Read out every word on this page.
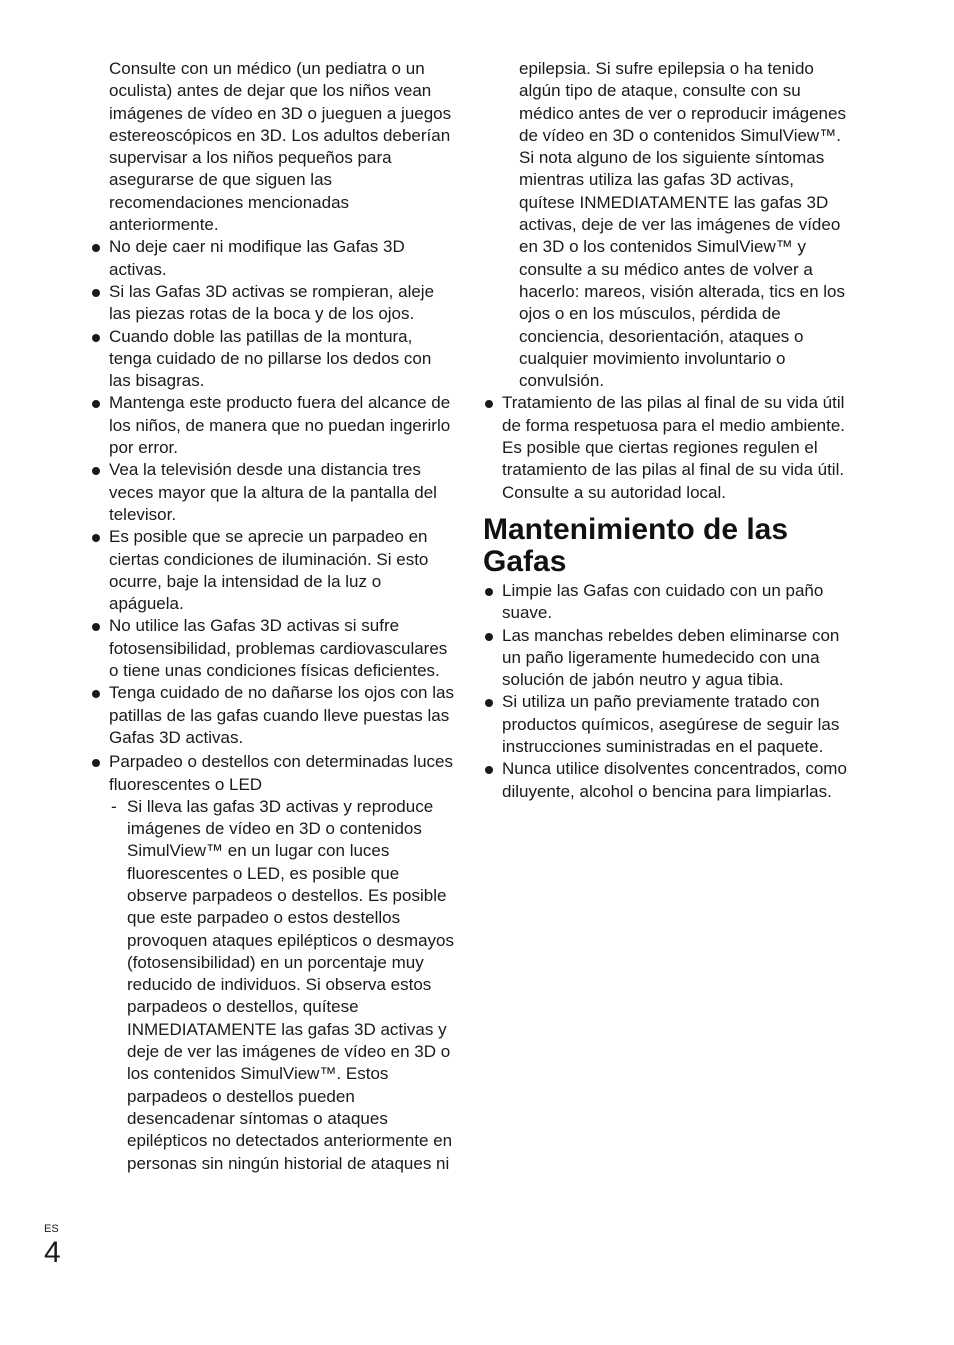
Consulte con un médico (un pediatra o un oculista) antes de dejar que los niños vean imágenes de vídeo en 3D o jueguen a juegos estereoscópicos en 3D. Los adultos deberían supervisar a los niños pequeños para asegurarse de que siguen las recomendaciones mencionadas anteriormente.

No deje caer ni modifique las Gafas 3D activas.
Si las Gafas 3D activas se rompieran, aleje las piezas rotas de la boca y de los ojos.
Cuando doble las patillas de la montura, tenga cuidado de no pillarse los dedos con las bisagras.
Mantenga este producto fuera del alcance de los niños, de manera que no puedan ingerirlo por error.
Vea la televisión desde una distancia tres veces mayor que la altura de la pantalla del televisor.
Es posible que se aprecie un parpadeo en ciertas condiciones de iluminación. Si esto ocurre, baje la intensidad de la luz o apáguela.
No utilice las Gafas 3D activas si sufre fotosensibilidad, problemas cardiovasculares o tiene unas condiciones físicas deficientes.
Tenga cuidado de no dañarse los ojos con las patillas de las gafas cuando lleve puestas las Gafas 3D activas.
Parpadeo o destellos con determinadas luces fluorescentes o LED
- Si lleva las gafas 3D activas y reproduce imágenes de vídeo en 3D o contenidos SimulView™ en un lugar con luces fluorescentes o LED, es posible que observe parpadeos o destellos. Es posible que este parpadeo o estos destellos provoquen ataques epilépticos o desmayos (fotosensibilidad) en un porcentaje muy reducido de individuos. Si observa estos parpadeos o destellos, quítese INMEDIATAMENTE las gafas 3D activas y deje de ver las imágenes de vídeo en 3D o los contenidos SimulView™. Estos parpadeos o destellos pueden desencadenar síntomas o ataques epilépticos no detectados anteriormente en personas sin ningún historial de ataques ni

epilepsia. Si sufre epilepsia o ha tenido algún tipo de ataque, consulte con su médico antes de ver o reproducir imágenes de vídeo en 3D o contenidos SimulView™. Si nota alguno de los siguiente síntomas mientras utiliza las gafas 3D activas, quítese INMEDIATAMENTE las gafas 3D activas, deje de ver las imágenes de vídeo en 3D o los contenidos SimulView™ y consulte a su médico antes de volver a hacerlo: mareos, visión alterada, tics en los ojos o en los músculos, pérdida de conciencia, desorientación, ataques o cualquier movimiento involuntario o convulsión.

Tratamiento de las pilas al final de su vida útil de forma respetuosa para el medio ambiente. Es posible que ciertas regiones regulen el tratamiento de las pilas al final de su vida útil. Consulte a su autoridad local.
Mantenimiento de las Gafas
Limpie las Gafas con cuidado con un paño suave.
Las manchas rebeldes deben eliminarse con un paño ligeramente humedecido con una solución de jabón neutro y agua tibia.
Si utiliza un paño previamente tratado con productos químicos, asegúrese de seguir las instrucciones suministradas en el paquete.
Nunca utilice disolventes concentrados, como diluyente, alcohol o bencina para limpiarlas.
ES
4
